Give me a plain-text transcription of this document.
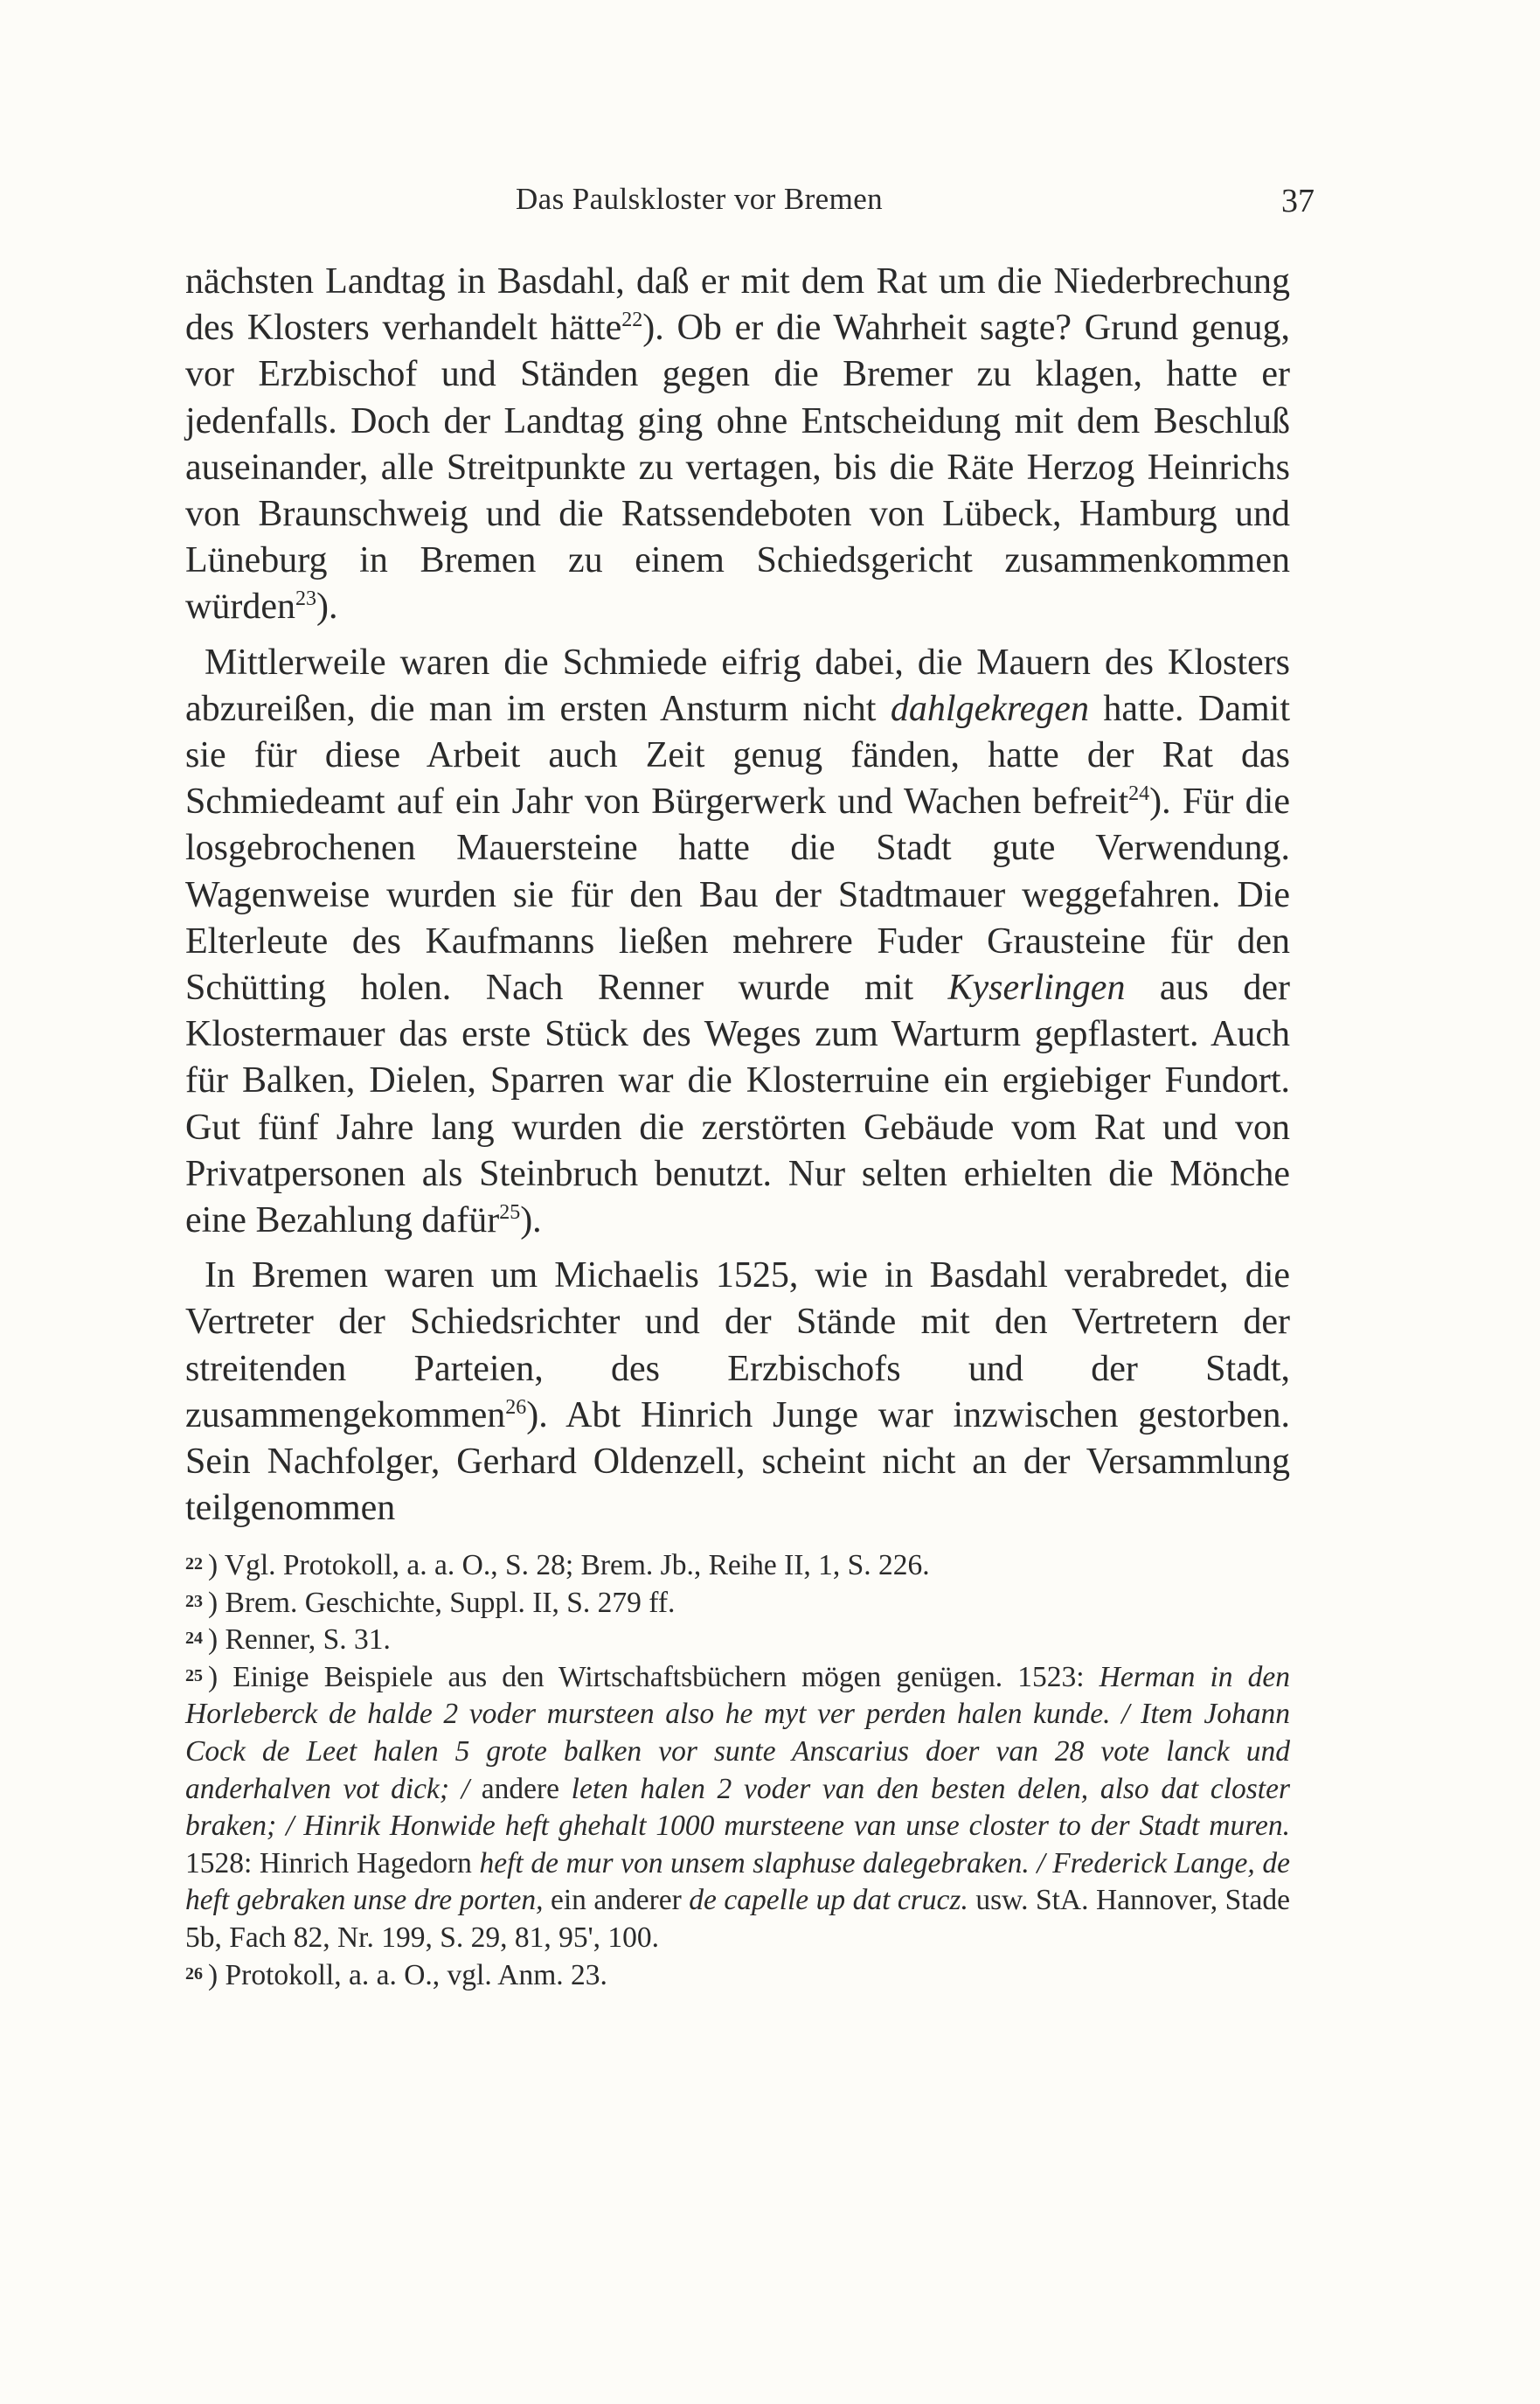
Das Paulskloster vor Bremen	37

nächsten Landtag in Basdahl, daß er mit dem Rat um die Niederbrechung des Klosters verhandelt hätte$^{22}$). Ob er die Wahrheit sagte? Grund genug, vor Erzbischof und Ständen gegen die Bremer zu klagen, hatte er jedenfalls. Doch der Landtag ging ohne Entscheidung mit dem Beschluß auseinander, alle Streitpunkte zu vertagen, bis die Räte Herzog Heinrichs von Braunschweig und die Ratssendeboten von Lübeck, Hamburg und Lüneburg in Bremen zu einem Schiedsgericht zusammenkommen würden$^{23}$).

Mittlerweile waren die Schmiede eifrig dabei, die Mauern des Klosters abzureißen, die man im ersten Ansturm nicht dahlgekregen hatte. Damit sie für diese Arbeit auch Zeit genug fänden, hatte der Rat das Schmiedeamt auf ein Jahr von Bürgerwerk und Wachen befreit$^{24}$). Für die losgebrochenen Mauersteine hatte die Stadt gute Verwendung. Wagenweise wurden sie für den Bau der Stadtmauer weggefahren. Die Elterleute des Kaufmanns ließen mehrere Fuder Grausteine für den Schütting holen. Nach Renner wurde mit Kyserlingen aus der Klostermauer das erste Stück des Weges zum Warturm gepflastert. Auch für Balken, Dielen, Sparren war die Klosterruine ein ergiebiger Fundort. Gut fünf Jahre lang wurden die zerstörten Gebäude vom Rat und von Privatpersonen als Steinbruch benutzt. Nur selten erhielten die Mönche eine Bezahlung dafür$^{25}$).

In Bremen waren um Michaelis 1525, wie in Basdahl verabredet, die Vertreter der Schiedsrichter und der Stände mit den Vertretern der streitenden Parteien, des Erzbischofs und der Stadt, zusammengekommen$^{26}$). Abt Hinrich Junge war inzwischen gestorben. Sein Nachfolger, Gerhard Oldenzell, scheint nicht an der Versammlung teilgenommen

$^{22}$ ) Vgl. Protokoll, a. a. O., S. 28; Brem. Jb., Reihe II, 1, S. 226.

$^{23}$ ) Brem. Geschichte, Suppl. II, S. 279 ff.

$^{24}$ ) Renner, S. 31.

$^{25}$ ) Einige Beispiele aus den Wirtschaftsbüchern mögen genügen. 1523: Herman in den Horleberck de halde 2 voder mursteen also he myt ver perden halen kunde. / Item Johann Cock de Leet halen 5 grote balken vor sunte Anscarius doer van 28 vote lanck und anderhalven vot dick; / andere leten halen 2 voder van den besten delen, also dat closter braken; / Hinrik Honwide heft ghehalt 1000 mursteene van unse closter to der Stadt muren. 1528: Hinrich Hagedorn heft de mur von unsem slaphuse dalegebraken. / Frederick Lange, de heft gebraken unse dre porten, ein anderer de capelle up dat crucz. usw. StA. Hannover, Stade 5b, Fach 82, Nr. 199, S. 29, 81, 95', 100.

$^{26}$ ) Protokoll, a. a. O., vgl. Anm. 23.
